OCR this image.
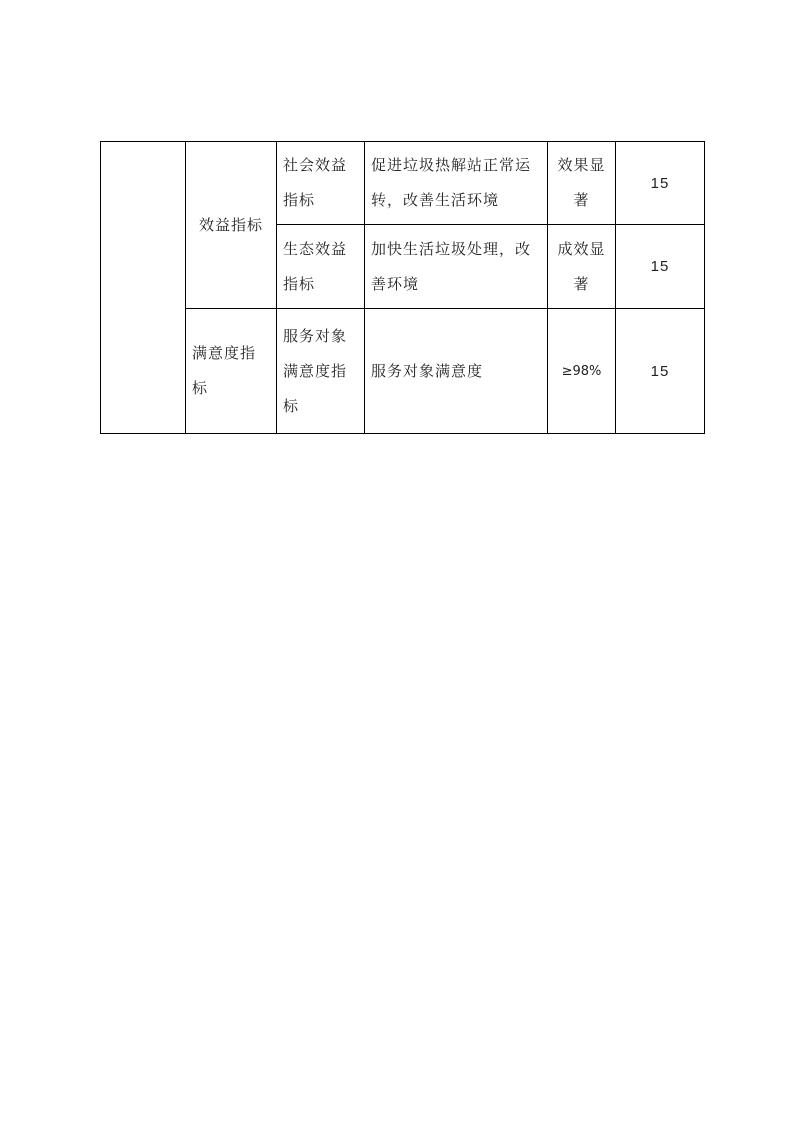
	效益指标	社会效益指标	促进垃圾热解站正常运转，改善生活环境	效果显著	15
		生态效益指标	加快生活垃圾处理，改善环境	成效显著	15
	满意度指标	服务对象满意度指标	服务对象满意度	≥98%	15
